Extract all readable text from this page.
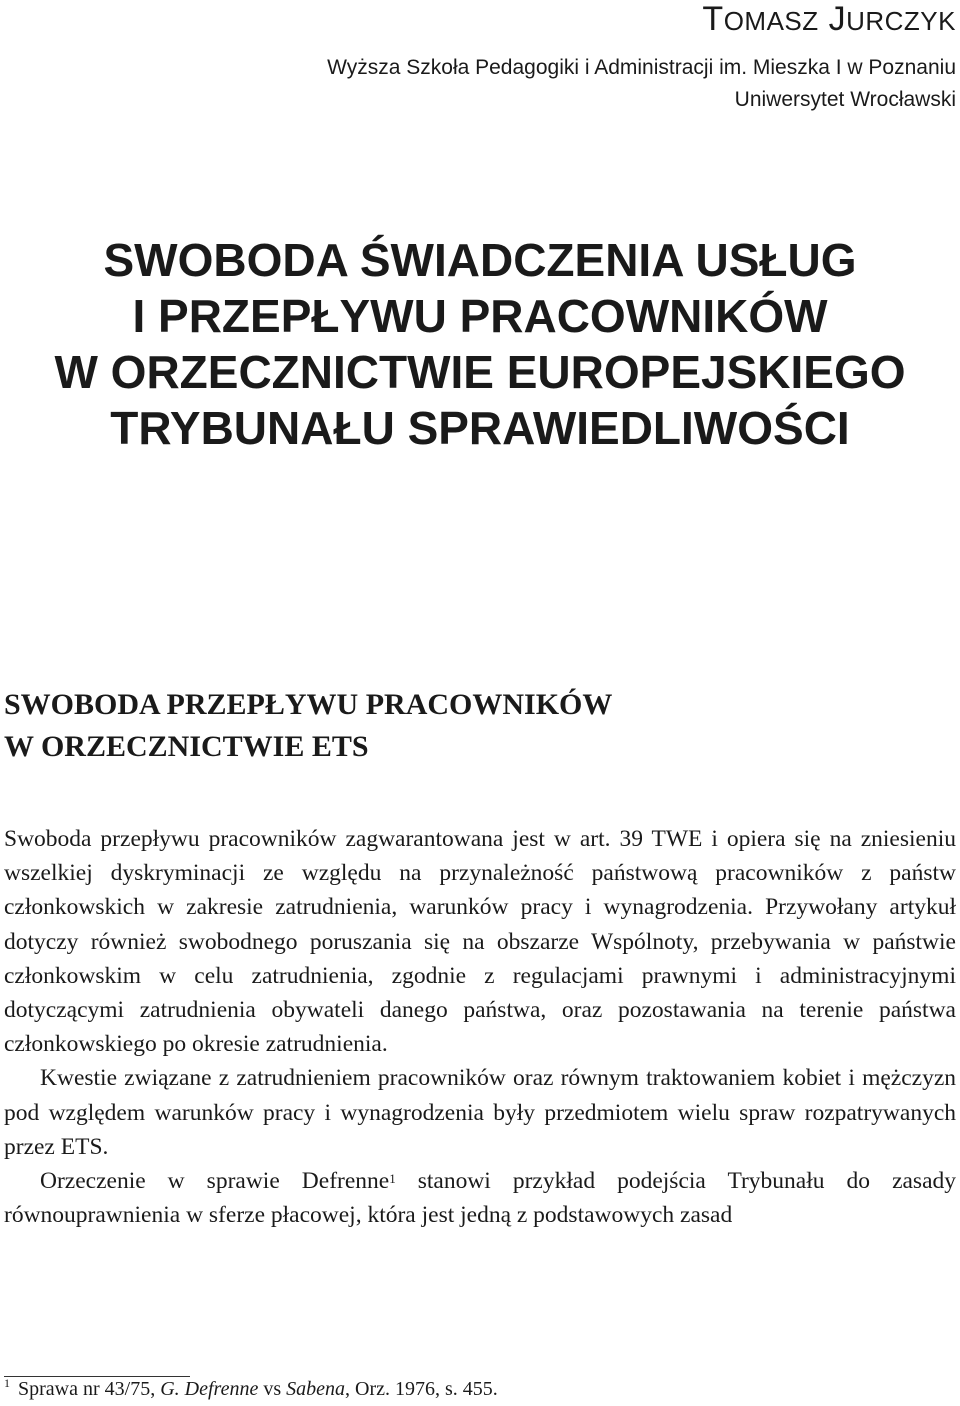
TOMASZ JURCZYK
Wyższa Szkoła Pedagogiki i Administracji im. Mieszka I w Poznaniu
Uniwersytet Wrocławski
SWOBODA ŚWIADCZENIA USŁUG
I PRZEPŁYWU PRACOWNIKÓW
W ORZECZNICTWIE EUROPEJSKIEGO
TRYBUNAŁU SPRAWIEDLIWOŚCI
SWOBODA PRZEPŁYWU PRACOWNIKÓW
W ORZECZNICTWIE ETS

Swoboda przepływu pracowników zagwarantowana jest w art. 39 TWE i opiera się na zniesieniu wszelkiej dyskryminacji ze względu na przynależność państwową pracowników z państw członkowskich w zakresie zatrudnienia, warunków pracy i wynagrodzenia. Przywołany artykuł dotyczy również swobodnego poruszania się na obszarze Wspólnoty, przebywania w państwie członkowskim w celu zatrudnienia, zgodnie z regulacjami prawnymi i administracyjnymi dotyczącymi zatrudnienia obywateli danego państwa, oraz pozostawania na terenie państwa członkowskiego po okresie zatrudnienia.

Kwestie związane z zatrudnieniem pracowników oraz równym traktowaniem kobiet i mężczyzn pod względem warunków pracy i wynagrodzenia były przedmiotem wielu spraw rozpatrywanych przez ETS.

Orzeczenie w sprawie Defrenne$^1$ stanowi przykład podejścia Trybunału do zasady równouprawnienia w sferze płacowej, która jest jedną z podstawowych zasad

$^1$ Sprawa nr 43/75, G. Defrenne vs Sabena, Orz. 1976, s. 455.
